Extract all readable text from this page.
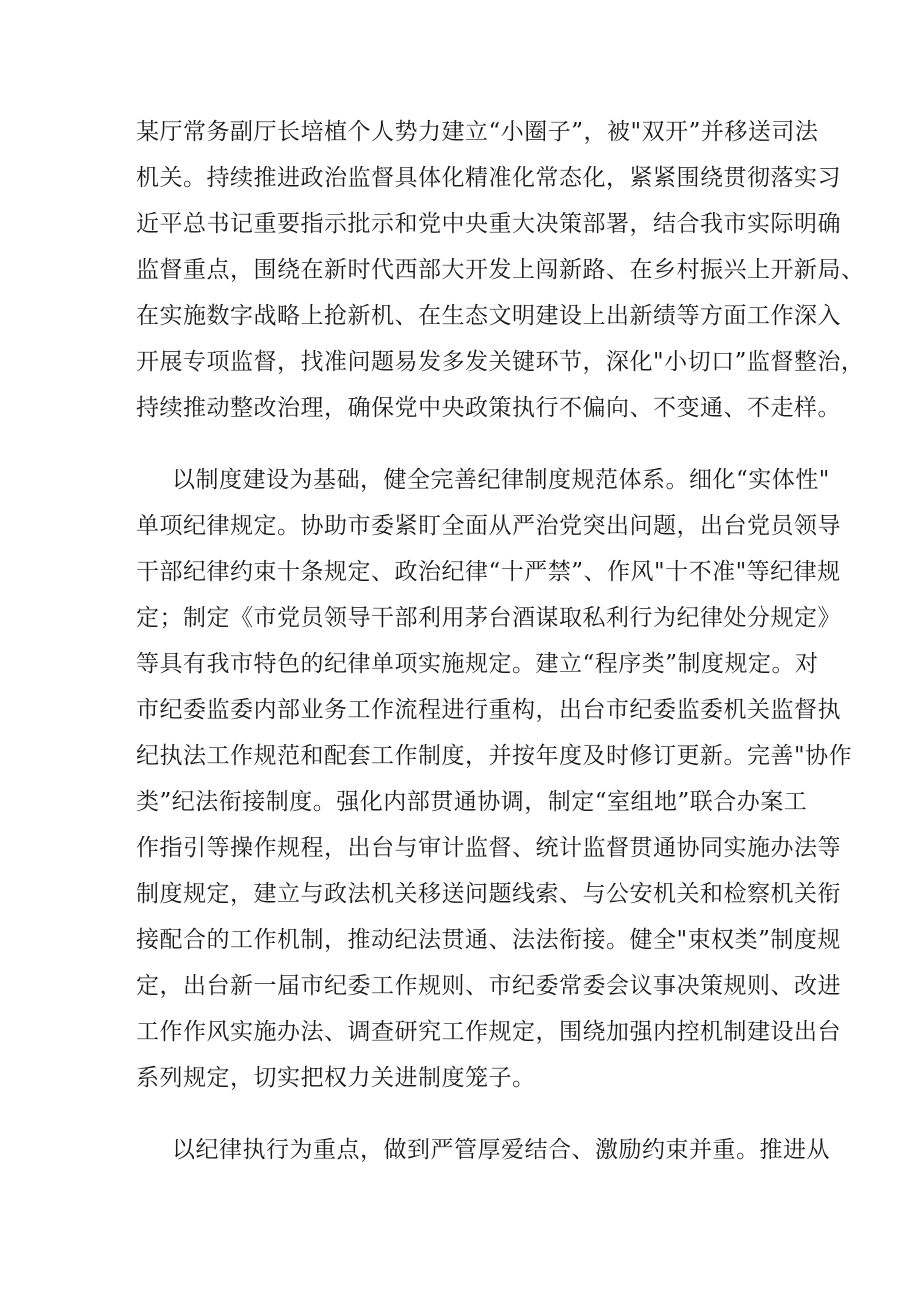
某厅常务副厅长培植个人势力建立“小圈子”，被"双开”并移送司法
机关。持续推进政治监督具体化精准化常态化，紧紧围绕贯彻落实习
近平总书记重要指示批示和党中央重大决策部署，结合我市实际明确
监督重点，围绕在新时代西部大开发上闯新路、在乡村振兴上开新局、
在实施数字战略上抢新机、在生态文明建设上出新绩等方面工作深入
开展专项监督，找准问题易发多发关键环节，深化"小切口”监督整治，
持续推动整改治理，确保党中央政策执行不偏向、不变通、不走样。
以制度建设为基础，健全完善纪律制度规范体系。细化“实体性"
单项纪律规定。协助市委紧盯全面从严治党突出问题，出台党员领导
干部纪律约束十条规定、政治纪律“十严禁”、作风"十不准"等纪律规
定；制定《市党员领导干部利用茅台酒谋取私利行为纪律处分规定》
等具有我市特色的纪律单项实施规定。建立“程序类”制度规定。对
市纪委监委内部业务工作流程进行重构，出台市纪委监委机关监督执
纪执法工作规范和配套工作制度，并按年度及时修订更新。完善"协作
类”纪法衔接制度。强化内部贯通协调，制定“室组地”联合办案工
作指引等操作规程，出台与审计监督、统计监督贯通协同实施办法等
制度规定，建立与政法机关移送问题线索、与公安机关和检察机关衔
接配合的工作机制，推动纪法贯通、法法衔接。健全"束权类”制度规
定，出台新一届市纪委工作规则、市纪委常委会议事决策规则、改进
工作作风实施办法、调查研究工作规定，围绕加强内控机制建设出台
系列规定，切实把权力关进制度笼子。
以纪律执行为重点，做到严管厚爱结合、激励约束并重。推进从
